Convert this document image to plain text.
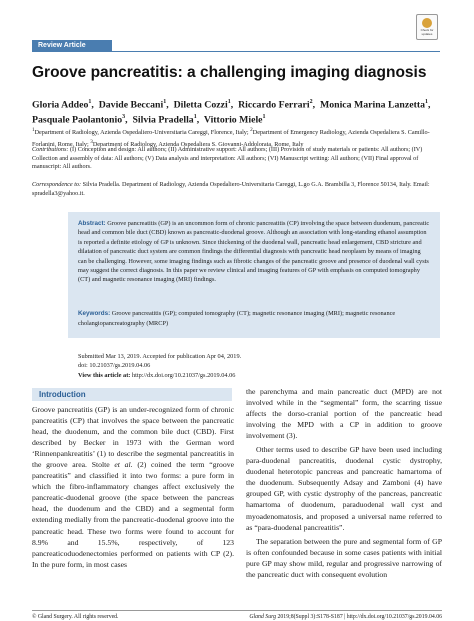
Review Article
Check for updates
Groove pancreatitis: a challenging imaging diagnosis
Gloria Addeo$^1$,  Davide Beccani$^1$,  Diletta Cozzi$^1$,  Riccardo Ferrari$^2$,  Monica Marina Lanzetta$^1$,  Pasquale Paolantonio$^3$,  Silvia Pradella$^1$,  Vittorio Miele$^1$
$^1$Department of Radiology, Azienda Ospedaliero-Universitaria Careggi, Florence, Italy; $^2$Department of Emergency Radiology, Azienda Ospedaliera S. Camillo-Forlanini, Rome, Italy; $^3$Department of Radiology, Azienda Ospedaliera S. Giovanni-Addolorata, Rome, Italy
Contributions: (I) Conception and design: All authors; (II) Administrative support: All authors; (III) Provision of study materials or patients: All authors; (IV) Collection and assembly of data: All authors; (V) Data analysis and interpretation: All authors; (VI) Manuscript writing: All authors; (VII) Final approval of manuscript: All authors.
Correspondence to: Silvia Pradella. Department of Radiology, Azienda Ospedaliero-Universitaria Careggi, L.go G.A. Brambilla 3, Florence 50134, Italy. Email: spradella3@yahoo.it.
Abstract: Groove pancreatitis (GP) is an uncommon form of chronic pancreatitis (CP) involving the space between duodenum, pancreatic head and common bile duct (CBD) known as pancreatic-duodenal groove. Although an association with long-standing ethanol assumption is reported a definite etiology of GP is unknown. Since thickening of the duodenal wall, pancreatic head enlargement, CBD stricture and dilatation of pancreatic duct system are common findings the differential diagnosis with pancreatic head neoplasm by means of imaging can be challenging. However, some imaging findings such as fibrotic changes of the pancreatic groove and presence of duodenal wall cysts may suggest the correct diagnosis. In this paper we review clinical and imaging features of GP with emphasis on computed tomography (CT) and magnetic resonance imaging (MRI) findings.
Keywords: Groove pancreatitis (GP); computed tomography (CT); magnetic resonance imaging (MRI); magnetic resonance cholangiopancreatography (MRCP)
Submitted Mar 13, 2019. Accepted for publication Apr 04, 2019.
doi: 10.21037/gs.2019.04.06
View this article at: http://dx.doi.org/10.21037/gs.2019.04.06
Introduction

Groove pancreatitis (GP) is an under-recognized form of chronic pancreatitis (CP) that involves the space between the pancreatic head, the duodenum, and the common bile duct (CBD). First described by Becker in 1973 with the German word ‘Rinnenpankreatitis’ (1) to describe the segmental pancreatitis in the groove area. Stolte et al. (2) coined the term “groove pancreatitis” and classified it into two forms: a pure form in which the fibro-inflammatory changes affect exclusively the pancreatic-duodenal groove (the space between the pancreas head, the duodenum and the CBD) and a segmental form extending medially from the pancreatic-duodenal groove into the pancreatic head. These two forms were found to account for 8.9% and 15.5%, respectively, of 123 pancreaticoduodenectomies performed on patients with CP (2). In the pure form, in most cases

the parenchyma and main pancreatic duct (MPD) are not involved while in the “segmental” form, the scarring tissue affects the dorso-cranial portion of the pancreatic head involving the MPD with a CP in addition to groove involvement (3).

Other terms used to describe GP have been used including para-duodenal pancreatitis, duodenal cystic dystrophy, duodenal heterotopic pancreas and pancreatic hamartoma of the duodenum. Subsequently Adsay and Zamboni (4) have grouped GP, with cystic dystrophy of the pancreas, pancreatic hamartoma of duodenum, paraduodenal wall cyst and myoadenomatosis, and proposed a universal name referred to as “para-duodenal pancreatitis”.

The separation between the pure and segmental form of GP is often confounded because in some cases patients with initial pure GP may show mild, regular and progressive narrowing of the pancreatic duct with consequent evolution

© Gland Surgery. All rights reserved.	Gland Surg 2019;8(Suppl 3):S178-S187 | http://dx.doi.org/10.21037/gs.2019.04.06
